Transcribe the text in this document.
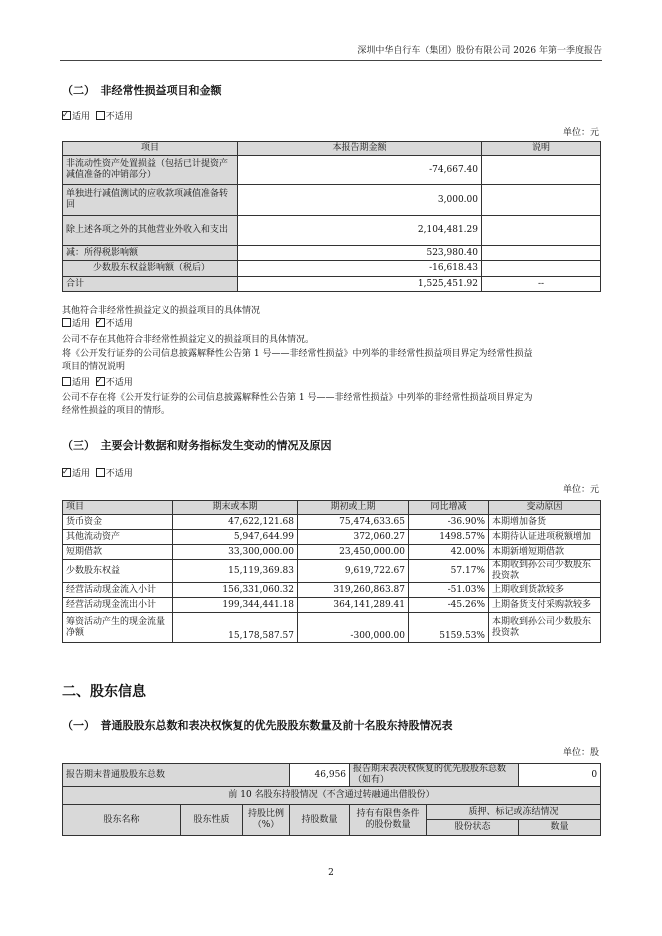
深圳中华自行车（集团）股份有限公司 2026 年第一季度报告
（二）　非经常性损益项目和金额
✓适用 不适用
单位：元
项目	本报告期金额	说明
非流动性资产处置损益（包括已计提资产减值准备的冲销部分）	-74,667.40	
单独进行减值测试的应收款项减值准备转回	3,000.00	
除上述各项之外的其他营业外收入和支出	2,104,481.29	
减：所得税影响额	523,980.40	
少数股东权益影响额（税后）	-16,618.43	
合计	1,525,451.92	--
其他符合非经常性损益定义的损益项目的具体情况
适用 ✓ 不适用
公司不存在其他符合非经常性损益定义的损益项目的具体情况。
将《公开发行证券的公司信息披露解释性公告第 1 号——非经常性损益》中列举的非经常性损益项目界定为经常性损益
项目的情况说明
适用 ✓ 不适用
公司不存在将《公开发行证券的公司信息披露解释性公告第 1 号——非经常性损益》中列举的非经常性损益项目界定为
经常性损益的项目的情形。
（三）　主要会计数据和财务指标发生变动的情况及原因
✓适用 不适用
单位：元
项目	期末或本期	期初或上期	同比增减	变动原因
货币资金	47,622,121.68	75,474,633.65	-36.90%	本期增加备货
其他流动资产	5,947,644.99	372,060.27	1498.57%	本期待认证进项税额增加
短期借款	33,300,000.00	23,450,000.00	42.00%	本期新增短期借款
少数股东权益	15,119,369.83	9,619,722.67	57.17%	本期收到孙公司少数股东投资款
经营活动现金流入小计	156,331,060.32	319,260,863.87	-51.03%	上期收到货款较多
经营活动现金流出小计	199,344,441.18	364,141,289.41	-45.26%	上期备货支付采购款较多
筹资活动产生的现金流量净额	15,178,587.57	-300,000.00	5159.53%	本期收到孙公司少数股东投资款
二、股东信息
（一）　普通股股东总数和表决权恢复的优先股股东数量及前十名股东持股情况表
单位：股
报告期末普通股股东总数			46,956	报告期末表决权恢复的优先股股东总数（如有）		0
前 10 名股东持股情况（不含通过转融通出借股份）						
股东名称	股东性质	持股比例（%）	持股数量	持有有限售条件的股份数量	质押、标记或冻结情况	
					股份状态	数量
2
